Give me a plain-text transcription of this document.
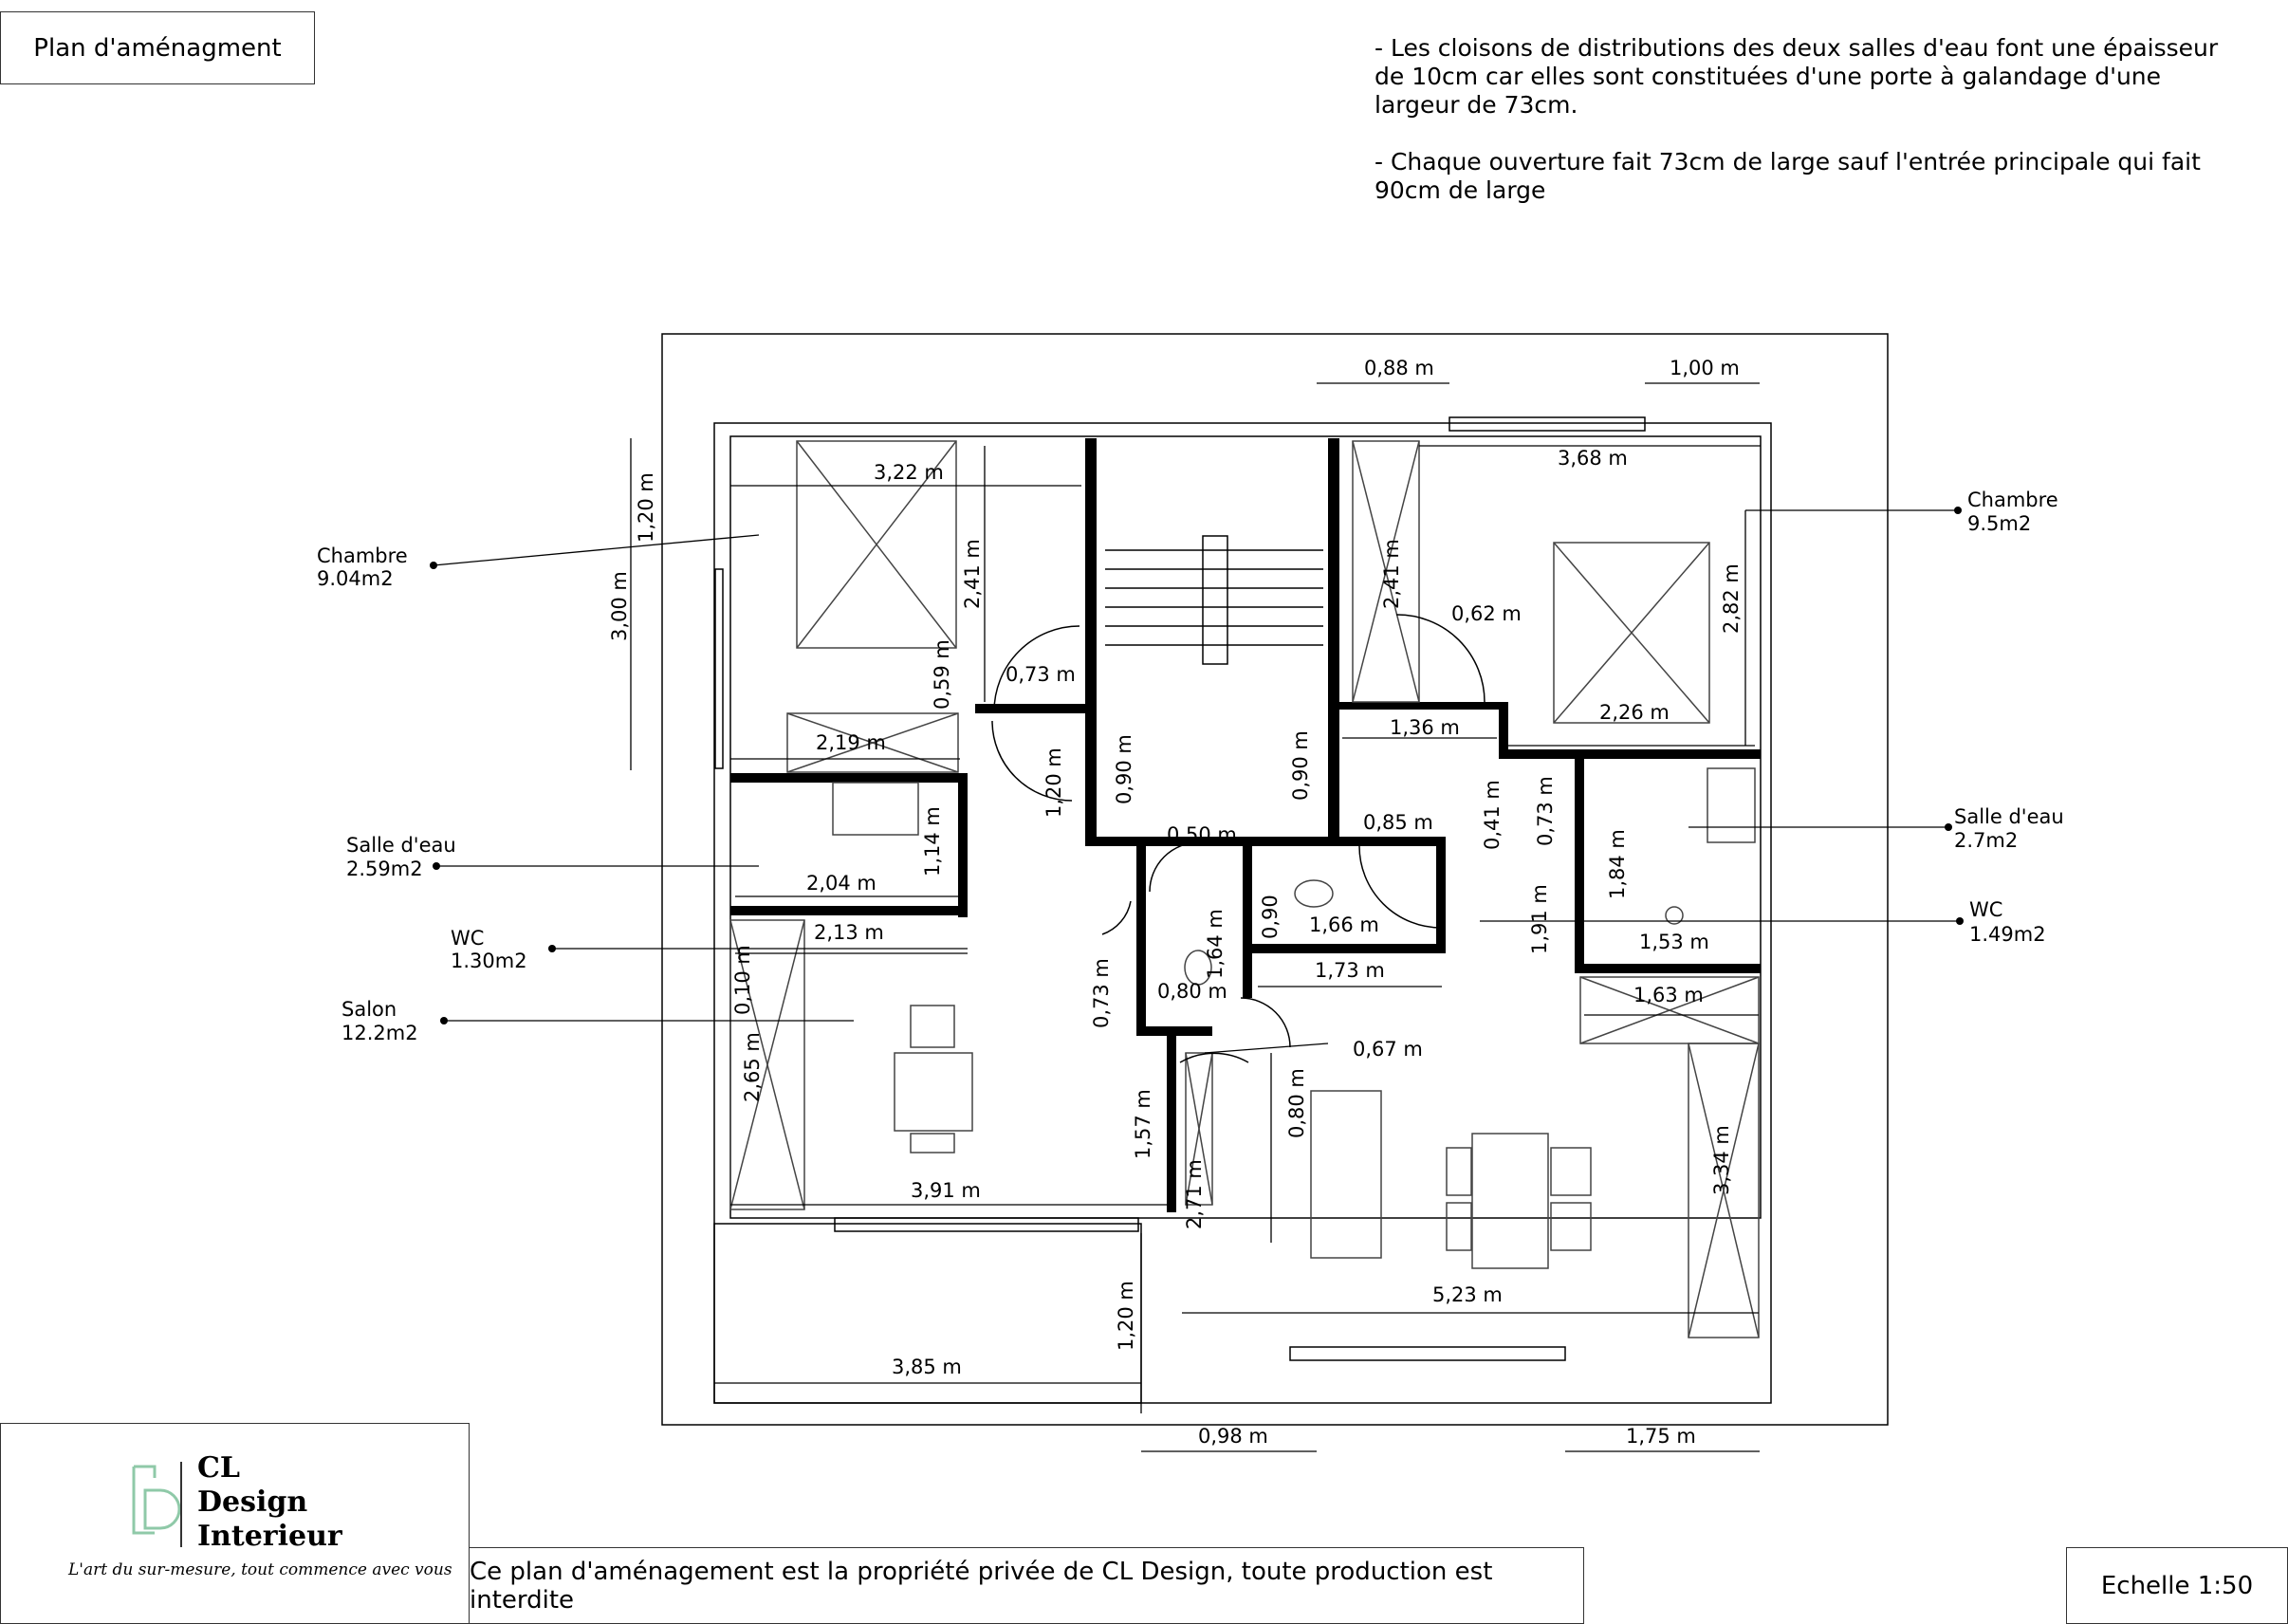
Plan d'aménagment	- Les cloisons de distributions des deux salles d'eau font une épaisseur de 10cm car elles sont constituées d'une porte à galandage d'une largeur de 73cm.

- Chaque ouverture fait 73cm de large sauf l'entrée principale qui fait 90cm de large

Chambre
9.04m2
Salle d'eau
2.59m2
WC
1.30m2
Salon
12.2m2
Chambre
9.5m2
Salle d'eau
2.7m2
WC
1.49m2
0,88 m	1,00 m
3,68 m
3,22 m
1,20 m
3,00 m	2,41 m	2,41 m
0,62 m	2,82 m
0,73 m
0,59 m
2,19 m
1,36 m
2,26 m
1,20 m 0,90 m	0,90 m
0,41 m 0,73 m
1,84 m
0,50 m
0,85 m
1,14 m
2,04 m
0,90 1,66 m
1,64 m	1,91 m	1,53 m
2,13 m
0,73 m	1,73 m
0,80 m	1,63 m
0,10 m
0,67 m
2,65 m
0,80 m
1,57 m
2,71 m	3,34 m
3,91 m
5,23 m
1,20 m
3,85 m
0,98 m	1,75 m
CL
Design
Interieur
L'art du sur-mesure, tout commence avec vous Ce plan d'aménagement est la propriété privée de CL Design, toute production est interdite	Echelle 1:50
